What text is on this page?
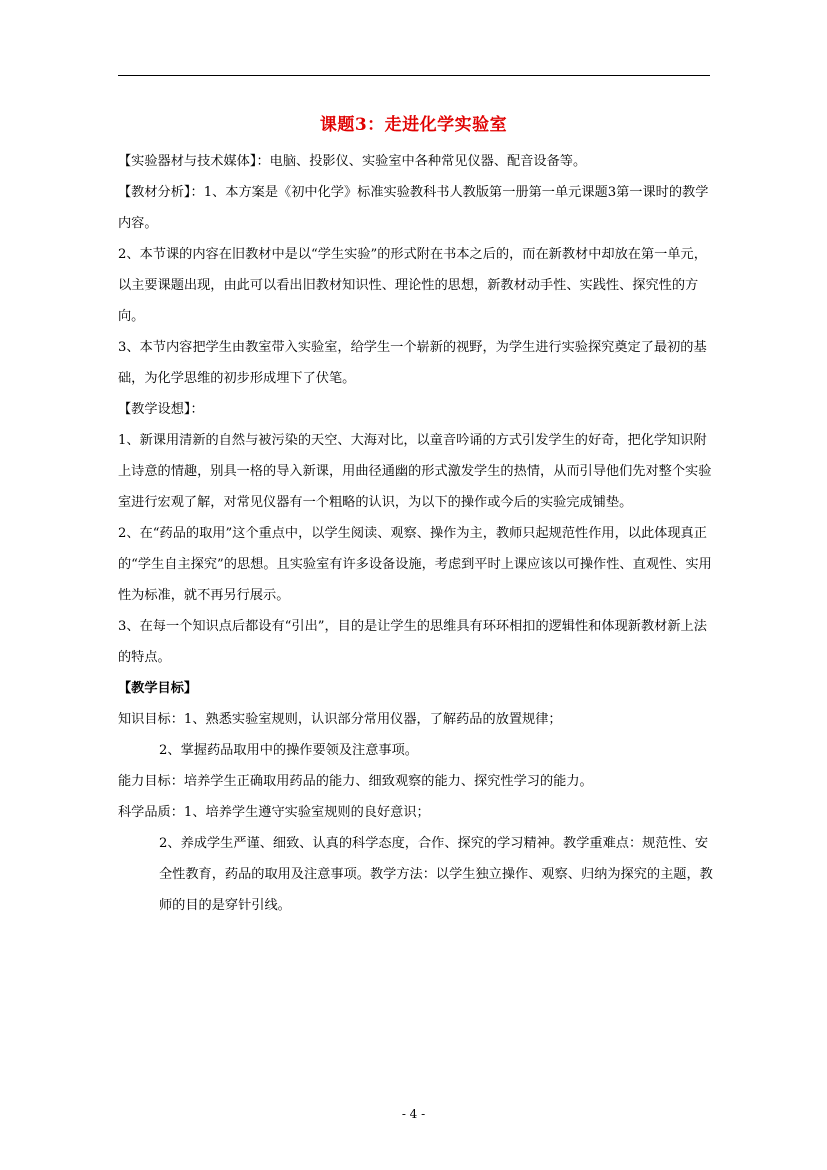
课题3：走进化学实验室

【实验器材与技术媒体】：电脑、投影仪、实验室中各种常见仪器、配音设备等。

【教材分析】：1、本方案是《初中化学》标准实验教科书人教版第一册第一单元课题3第一课时的教学内容。

2、本节课的内容在旧教材中是以“学生实验”的形式附在书本之后的，而在新教材中却放在第一单元，以主要课题出现，由此可以看出旧教材知识性、理论性的思想，新教材动手性、实践性、探究性的方向。

3、本节内容把学生由教室带入实验室，给学生一个崭新的视野，为学生进行实验探究奠定了最初的基础，为化学思维的初步形成埋下了伏笔。

【教学设想】：

1、新课用清新的自然与被污染的天空、大海对比，以童音吟诵的方式引发学生的好奇，把化学知识附上诗意的情趣，别具一格的导入新课，用曲径通幽的形式激发学生的热情，从而引导他们先对整个实验室进行宏观了解，对常见仪器有一个粗略的认识，为以下的操作或今后的实验完成铺垫。

2、在“药品的取用”这个重点中，以学生阅读、观察、操作为主，教师只起规范性作用，以此体现真正的“学生自主探究”的思想。且实验室有许多设备设施，考虑到平时上课应该以可操作性、直观性、实用性为标准，就不再另行展示。

3、在每一个知识点后都设有“引出”，目的是让学生的思维具有环环相扣的逻辑性和体现新教材新上法的特点。

【教学目标】

知识目标：1、熟悉实验室规则，认识部分常用仪器，了解药品的放置规律；

2、掌握药品取用中的操作要领及注意事项。

能力目标：培养学生正确取用药品的能力、细致观察的能力、探究性学习的能力。

科学品质：1、培养学生遵守实验室规则的良好意识；

2、养成学生严谨、细致、认真的科学态度，合作、探究的学习精神。教学重难点：规范性、安全性教育，药品的取用及注意事项。教学方法：以学生独立操作、观察、归纳为探究的主题，教师的目的是穿针引线。

- 4 -
